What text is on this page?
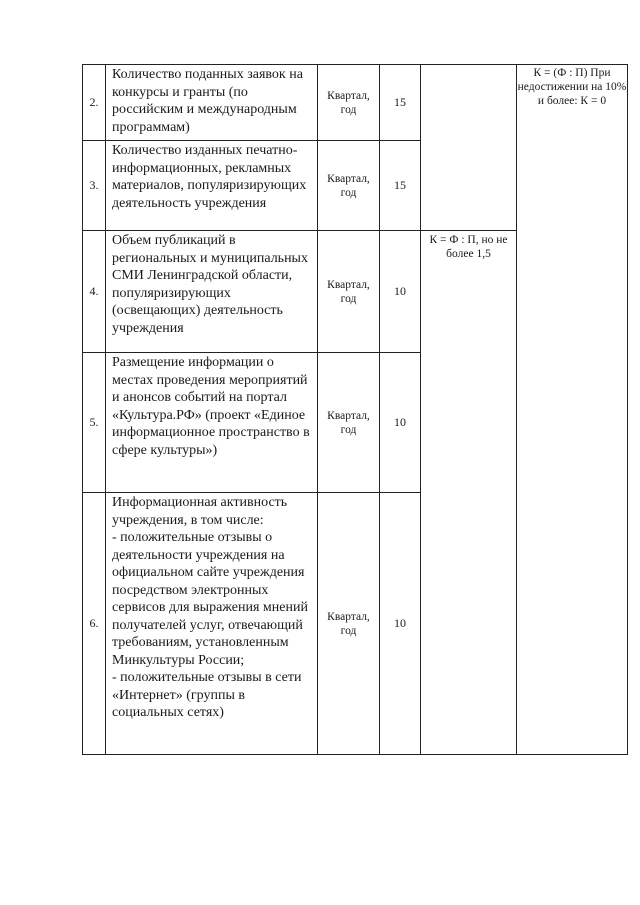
2.	Количество поданных заявок на конкурсы и гранты (по российским и международным программам)	Квартал, год	15		К = (Ф : П) При недостижении на 10% и более: К = 0

3.	Количество изданных печатно-информационных, рекламных материалов, популяризирующих деятельность учреждения	Квартал, год	15		
4.	Объем публикаций в региональных и муниципальных СМИ Ленинградской области, популяризирующих (освещающих) деятельность учреждения	Квартал, год	10	К = Ф : П, но не более 1,5	

5.	Размещение информации о местах проведения мероприятий и анонсов событий на портал «Культура.РФ» (проект «Единое информационное пространство в сфере культуры»)	Квартал, год	10		
6.	Информационная активность учреждения, в том числе:
- положительные отзывы о деятельности учреждения на официальном сайте учреждения посредством электронных сервисов для выражения мнений получателей услуг, отвечающий требованиям, установленным Минкультуры России;
- положительные отзывы в сети «Интернет» (группы в социальных сетях)	Квартал, год	10		
